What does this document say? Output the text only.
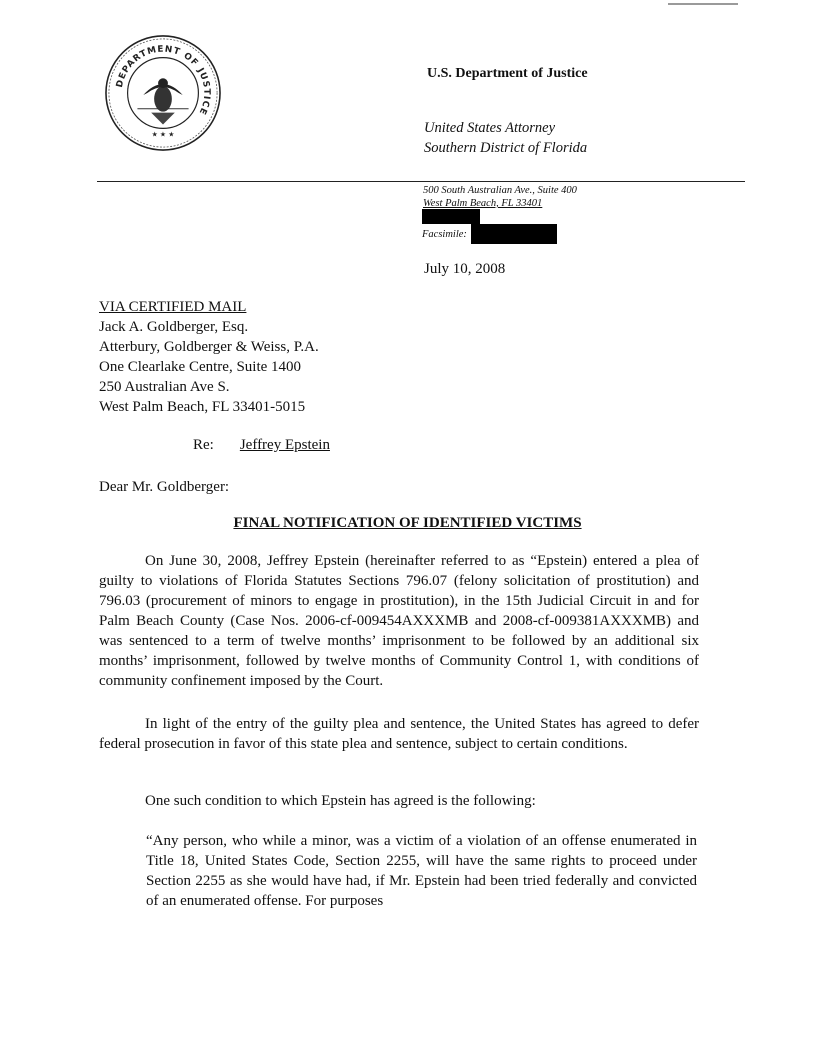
DEPARTMENT OF JUSTICE
★ ★ ★
U.S. Department of Justice
United States Attorney
Southern District of Florida
500 South Australian Ave., Suite 400
West Palm Beach, FL 33401
Facsimile:
July 10, 2008
VIA CERTIFIED MAIL
Jack A. Goldberger, Esq.
Atterbury, Goldberger & Weiss, P.A.
One Clearlake Centre, Suite 1400
250 Australian Ave S.
West Palm Beach, FL 33401-5015
Re: Jeffrey Epstein
Dear Mr. Goldberger:
FINAL NOTIFICATION OF IDENTIFIED VICTIMS
On June 30, 2008, Jeffrey Epstein (hereinafter referred to as “Epstein) entered a plea of guilty to violations of Florida Statutes Sections 796.07 (felony solicitation of prostitution) and 796.03 (procurement of minors to engage in prostitution), in the 15th Judicial Circuit in and for Palm Beach County (Case Nos. 2006-cf-009454AXXXMB and 2008-cf-009381AXXXMB) and was sentenced to a term of twelve months’ imprisonment to be followed by an additional six months’ imprisonment, followed by twelve months of Community Control 1, with conditions of community confinement imposed by the Court.
In light of the entry of the guilty plea and sentence, the United States has agreed to defer federal prosecution in favor of this state plea and sentence, subject to certain conditions.
One such condition to which Epstein has agreed is the following:
“Any person, who while a minor, was a victim of a violation of an offense enumerated in Title 18, United States Code, Section 2255, will have the same rights to proceed under Section 2255 as she would have had, if Mr. Epstein had been tried federally and convicted of an enumerated offense. For purposes
